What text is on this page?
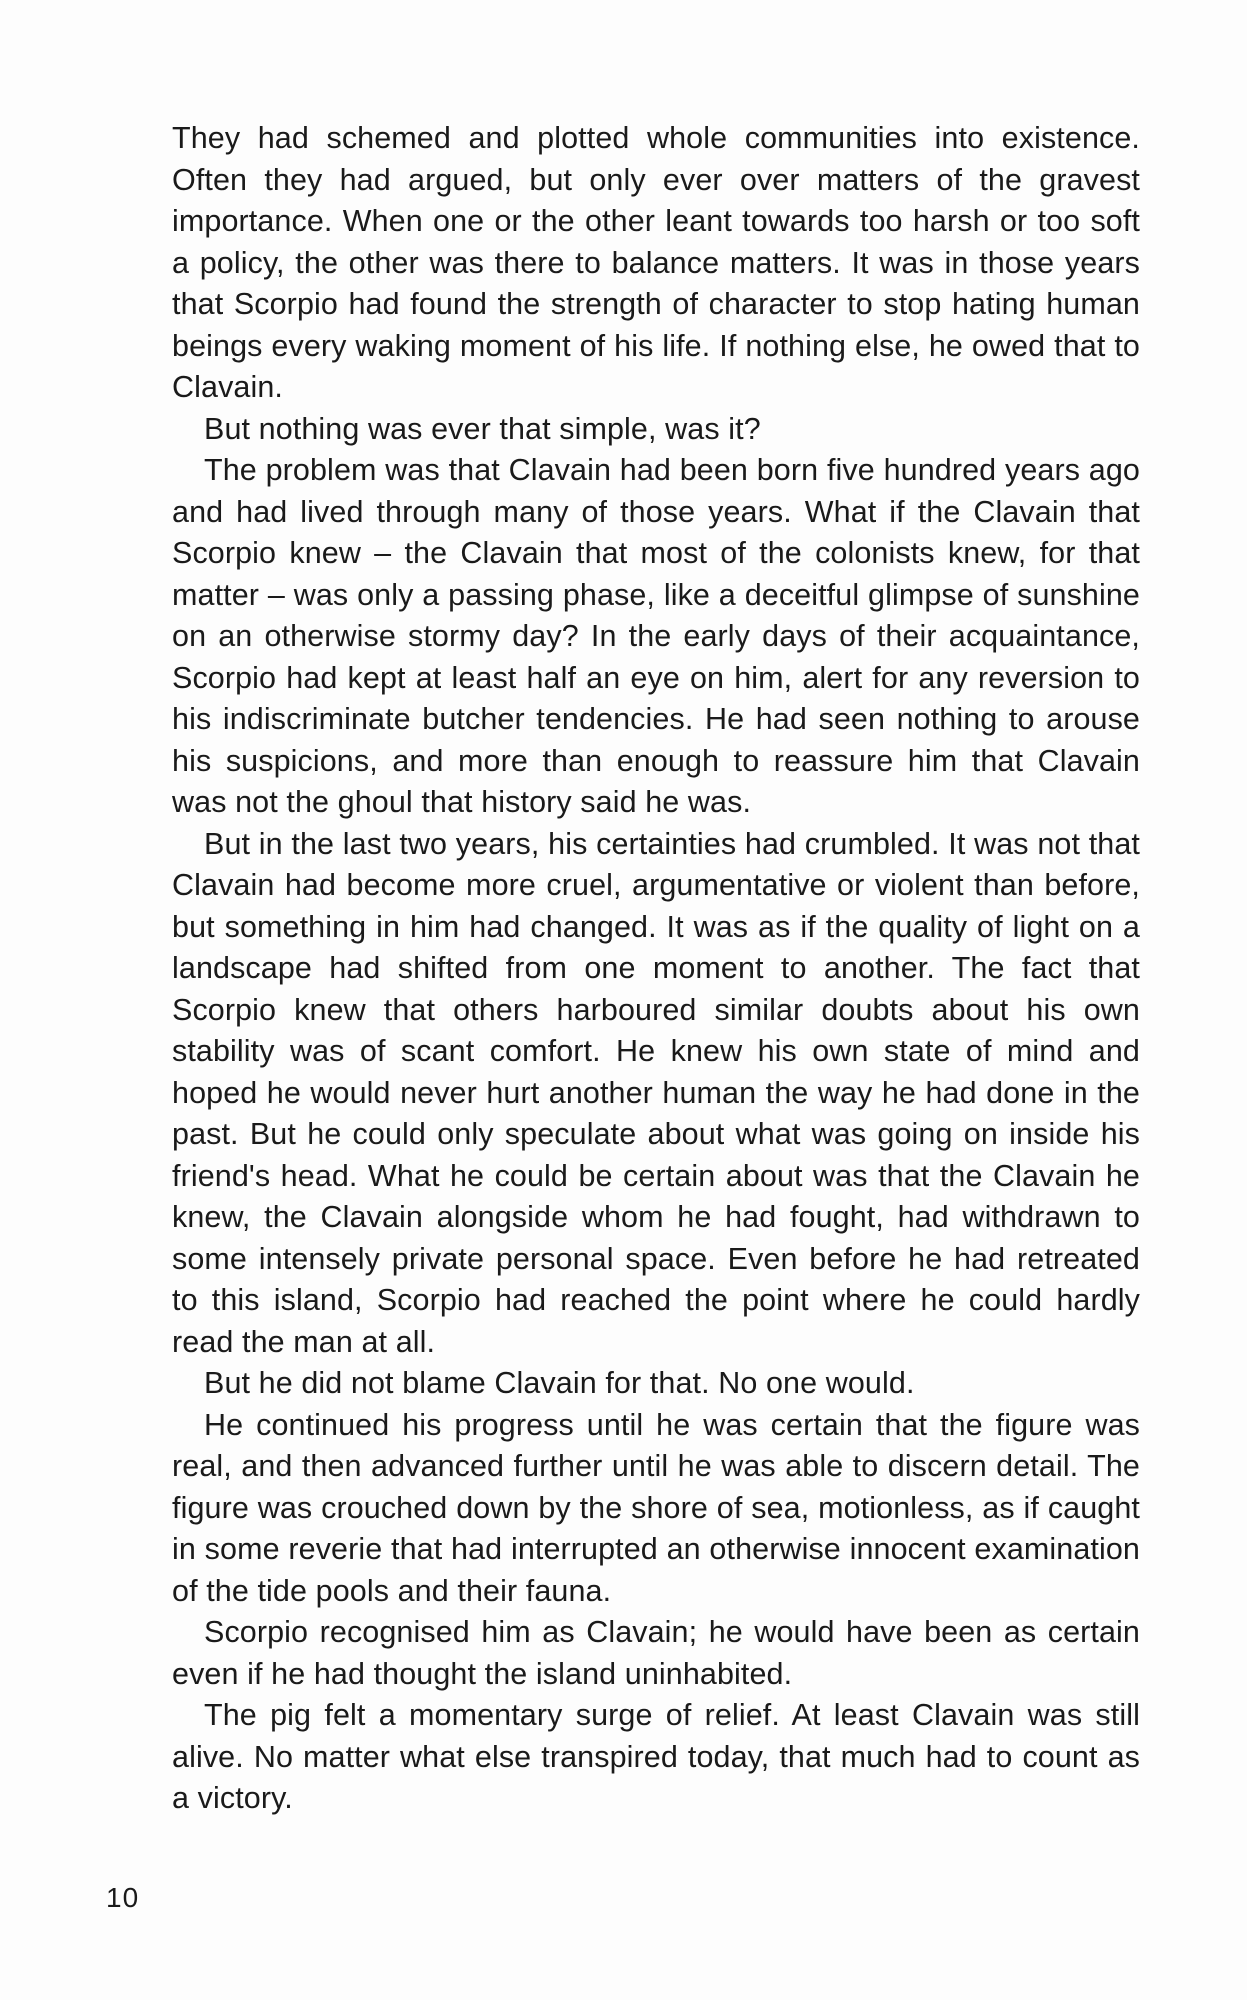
They had schemed and plotted whole communities into existence. Often they had argued, but only ever over matters of the gravest importance. When one or the other leant towards too harsh or too soft a policy, the other was there to balance matters. It was in those years that Scorpio had found the strength of character to stop hating human beings every waking moment of his life. If nothing else, he owed that to Clavain.

But nothing was ever that simple, was it?

The problem was that Clavain had been born five hundred years ago and had lived through many of those years. What if the Clavain that Scorpio knew – the Clavain that most of the colonists knew, for that matter – was only a passing phase, like a deceitful glimpse of sunshine on an otherwise stormy day? In the early days of their acquaintance, Scorpio had kept at least half an eye on him, alert for any reversion to his indiscriminate butcher tendencies. He had seen nothing to arouse his suspicions, and more than enough to reassure him that Clavain was not the ghoul that history said he was.

But in the last two years, his certainties had crumbled. It was not that Clavain had become more cruel, argumentative or violent than before, but something in him had changed. It was as if the quality of light on a landscape had shifted from one moment to another. The fact that Scorpio knew that others harboured similar doubts about his own stability was of scant comfort. He knew his own state of mind and hoped he would never hurt another human the way he had done in the past. But he could only speculate about what was going on inside his friend's head. What he could be certain about was that the Clavain he knew, the Clavain alongside whom he had fought, had withdrawn to some intensely private personal space. Even before he had retreated to this island, Scorpio had reached the point where he could hardly read the man at all.

But he did not blame Clavain for that. No one would.

He continued his progress until he was certain that the figure was real, and then advanced further until he was able to discern detail. The figure was crouched down by the shore of sea, motionless, as if caught in some reverie that had interrupted an otherwise innocent examination of the tide pools and their fauna.

Scorpio recognised him as Clavain; he would have been as certain even if he had thought the island uninhabited.

The pig felt a momentary surge of relief. At least Clavain was still alive. No matter what else transpired today, that much had to count as a victory.

10
